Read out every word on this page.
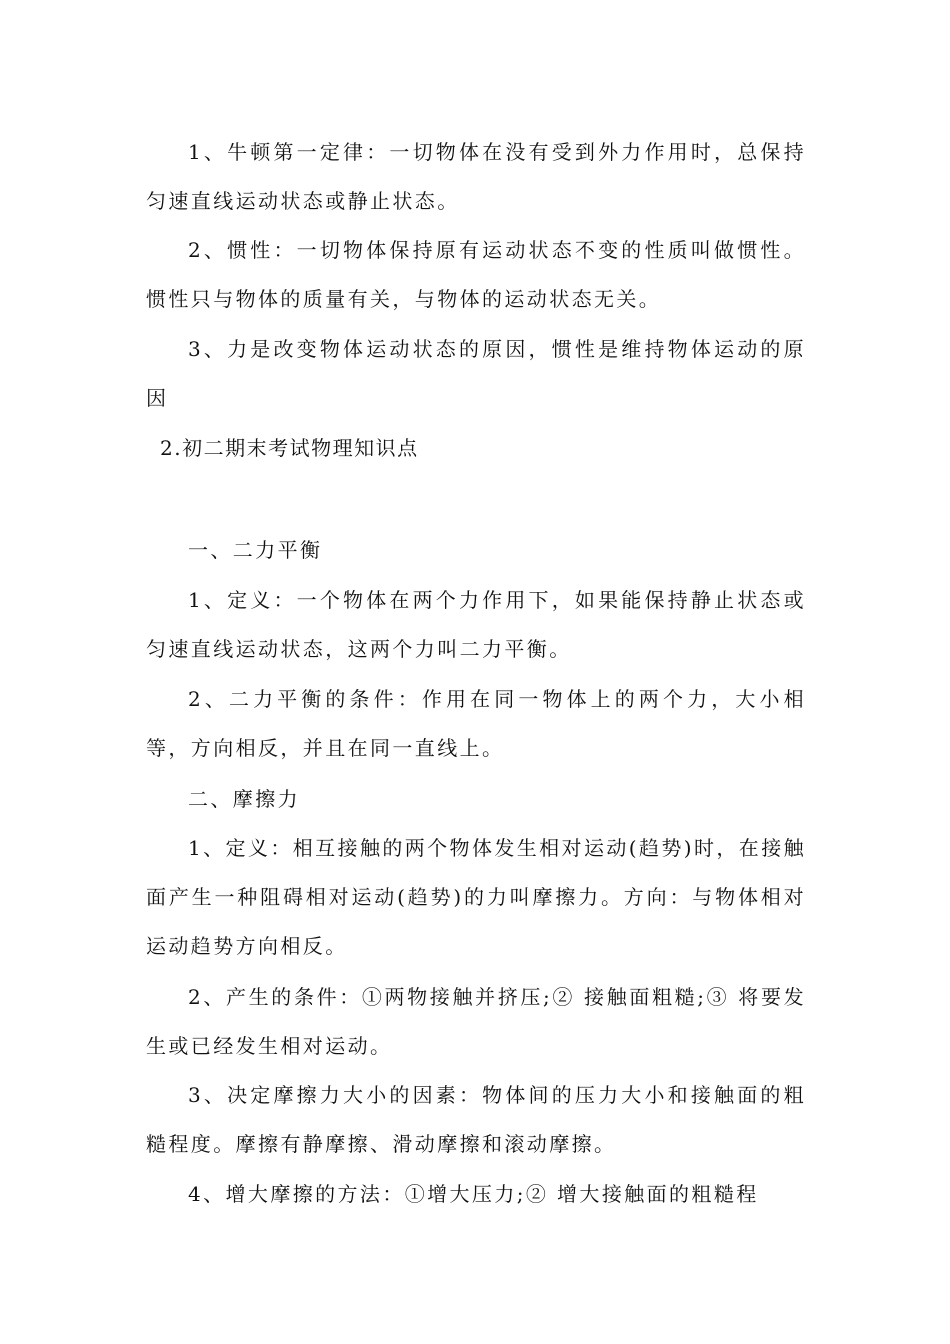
1、牛顿第一定律：一切物体在没有受到外力作用时，总保持匀速直线运动状态或静止状态。

2、惯性：一切物体保持原有运动状态不变的性质叫做惯性。惯性只与物体的质量有关，与物体的运动状态无关。

3、力是改变物体运动状态的原因，惯性是维持物体运动的原因

2.初二期末考试物理知识点

一、二力平衡

1、定义：一个物体在两个力作用下，如果能保持静止状态或匀速直线运动状态，这两个力叫二力平衡。

2、二力平衡的条件：作用在同一物体上的两个力，大小相等，方向相反，并且在同一直线上。

二、摩擦力

1、定义：相互接触的两个物体发生相对运动(趋势)时，在接触面产生一种阻碍相对运动(趋势)的力叫摩擦力。方向：与物体相对运动趋势方向相反。

2、产生的条件：①两物接触并挤压;② 接触面粗糙;③ 将要发生或已经发生相对运动。

3、决定摩擦力大小的因素：物体间的压力大小和接触面的粗糙程度。摩擦有静摩擦、滑动摩擦和滚动摩擦。

4、增大摩擦的方法：①增大压力;② 增大接触面的粗糙程
